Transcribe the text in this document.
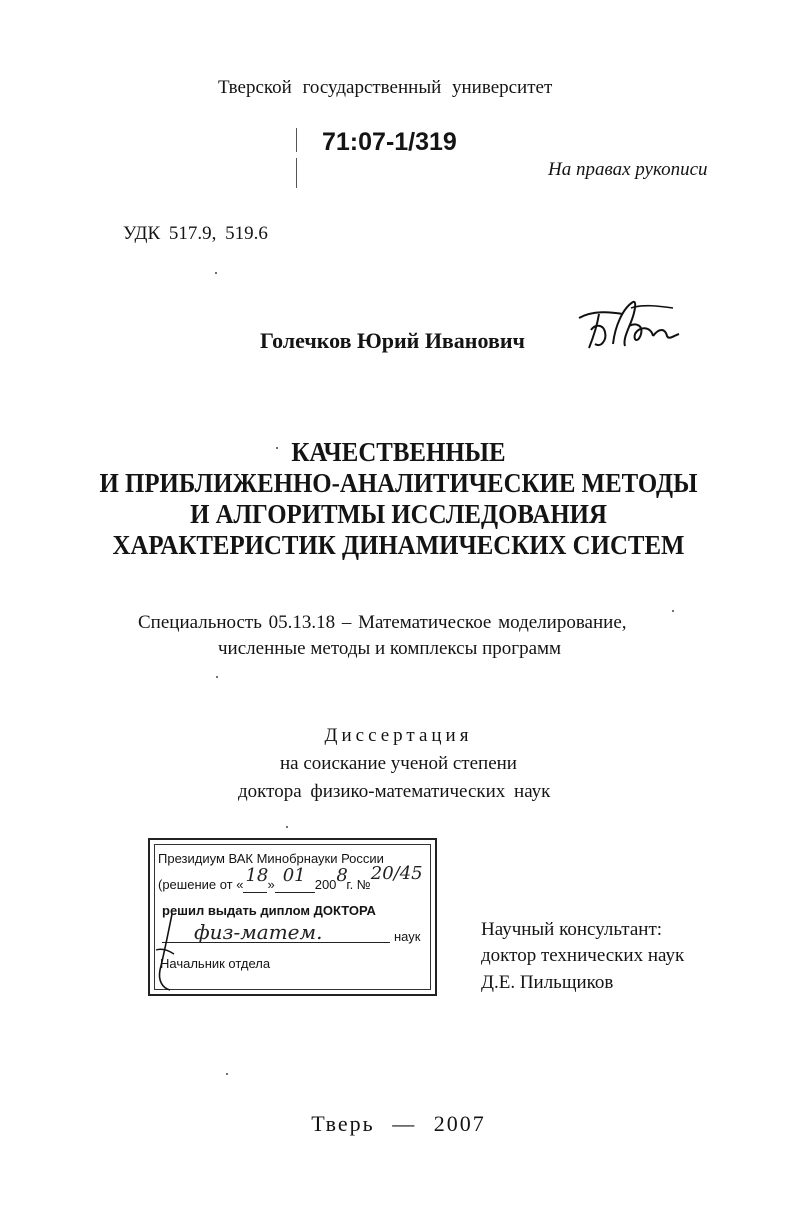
Тверской государственный университет
71:07-1/319
На правах рукописи
УДК 517.9, 519.6
Голечков Юрий Иванович
КАЧЕСТВЕННЫЕ
И ПРИБЛИЖЕННО-АНАЛИТИЧЕСКИЕ МЕТОДЫ
И АЛГОРИТМЫ ИССЛЕДОВАНИЯ
ХАРАКТЕРИСТИК ДИНАМИЧЕСКИХ СИСТЕМ
Специальность 05.13.18 – Математическое моделирование,
численные методы и комплексы программ
Диссертация
на соискание ученой степени
доктора физико-математических наук
Президиум ВАК Минобрнауки России
(решение от « 18 » 01 200 8
г. №
20/45

решил выдать диплом ДОКТОРА
физ-матем.	наук
Начальник отдела
Научный консультант:
доктор технических наук
Д.Е. Пильщиков
Тверь — 2007
